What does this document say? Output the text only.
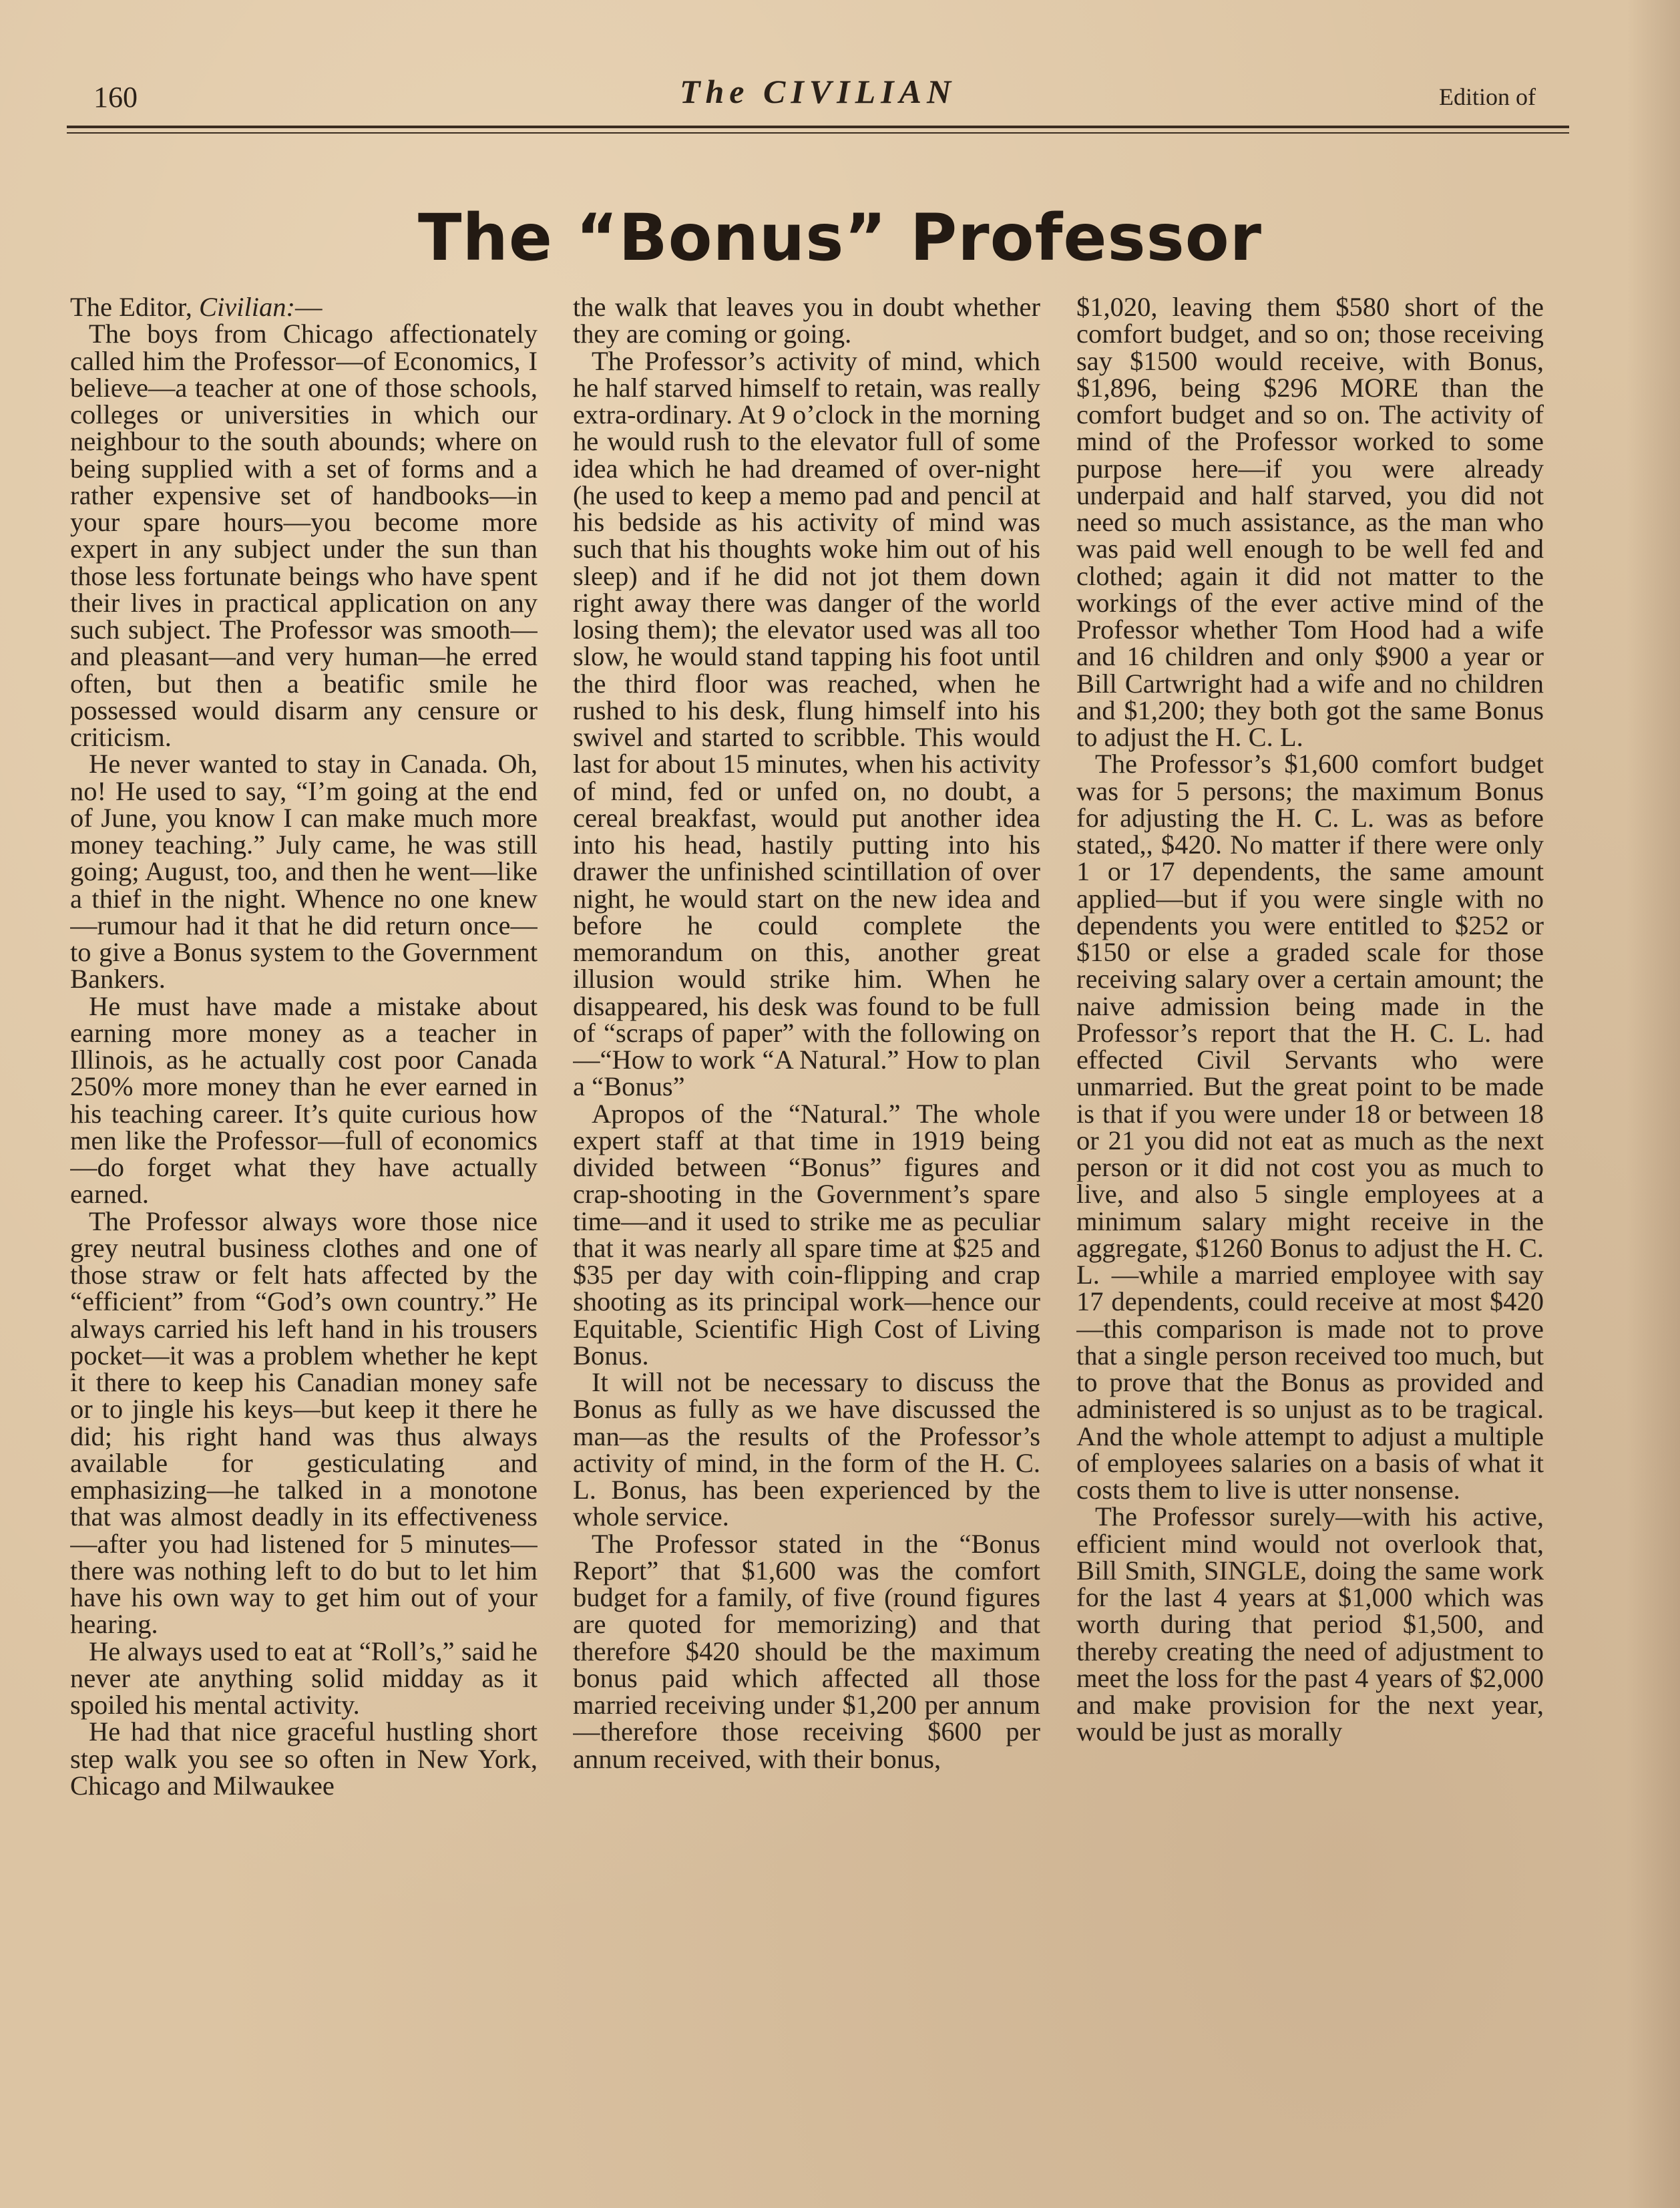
160	The CIVILIAN	Edition of
The “Bonus” Professor

The Editor, Civilian:—

The boys from Chicago affectionately called him the Professor—of Economics, I believe—a teacher at one of those schools, colleges or universities in which our neighbour to the south abounds; where on being supplied with a set of forms and a rather expensive set of handbooks—in your spare hours—you become more expert in any subject under the sun than those less fortunate beings who have spent their lives in practical application on any such subject. The Professor was smooth—and pleasant—and very human—he erred often, but then a beatific smile he possessed would disarm any censure or criticism.

He never wanted to stay in Canada. Oh, no! He used to say, “I’m going at the end of June, you know I can make much more money teaching.” July came, he was still going; August, too, and then he went—like a thief in the night. Whence no one knew—rumour had it that he did return once—to give a Bonus system to the Government Bankers.

He must have made a mistake about earning more money as a teacher in Illinois, as he actually cost poor Canada 250% more money than he ever earned in his teaching career. It’s quite curious how men like the Professor—full of economics—do forget what they have actually earned.

The Professor always wore those nice grey neutral business clothes and one of those straw or felt hats affected by the “efficient” from “God’s own country.” He always carried his left hand in his trousers pocket—it was a problem whether he kept it there to keep his Canadian money safe or to jingle his keys—but keep it there he did; his right hand was thus always available for gesticulating and emphasizing—he talked in a monotone that was almost deadly in its effectiveness—after you had listened for 5 minutes—there was nothing left to do but to let him have his own way to get him out of your hearing.

He always used to eat at “Roll’s,” said he never ate anything solid midday as it spoiled his mental activity.

He had that nice graceful hustling short step walk you see so often in New York, Chicago and Milwaukee

the walk that leaves you in doubt whether they are coming or going.

The Professor’s activity of mind, which he half starved himself to retain, was really extra-ordinary. At 9 o’clock in the morning he would rush to the elevator full of some idea which he had dreamed of over-night (he used to keep a memo pad and pencil at his bedside as his activity of mind was such that his thoughts woke him out of his sleep) and if he did not jot them down right away there was danger of the world losing them); the elevator used was all too slow, he would stand tapping his foot until the third floor was reached, when he rushed to his desk, flung himself into his swivel and started to scribble. This would last for about 15 minutes, when his activity of mind, fed or unfed on, no doubt, a cereal breakfast, would put another idea into his head, hastily putting into his drawer the unfinished scintillation of over night, he would start on the new idea and before he could complete the memorandum on this, another great illusion would strike him. When he disappeared, his desk was found to be full of “scraps of paper” with the following on—“How to work “A Natural.” How to plan a “Bonus”

Apropos of the “Natural.” The whole expert staff at that time in 1919 being divided between “Bonus” figures and crap-shooting in the Government’s spare time—and it used to strike me as peculiar that it was nearly all spare time at $25 and $35 per day with coin-flipping and crap shooting as its principal work—hence our Equitable, Scientific High Cost of Living Bonus.

It will not be necessary to discuss the Bonus as fully as we have discussed the man—as the results of the Professor’s activity of mind, in the form of the H. C. L. Bonus, has been experienced by the whole service.

The Professor stated in the “Bonus Report” that $1,600 was the comfort budget for a family, of five (round figures are quoted for memorizing) and that therefore $420 should be the maximum bonus paid which affected all those married receiving under $1,200 per annum—therefore those receiving $600 per annum received, with their bonus,

$1,020, leaving them $580 short of the comfort budget, and so on; those receiving say $1500 would receive, with Bonus, $1,896, being $296 MORE than the comfort budget and so on. The activity of mind of the Professor worked to some purpose here—if you were already underpaid and half starved, you did not need so much assistance, as the man who was paid well enough to be well fed and clothed; again it did not matter to the workings of the ever active mind of the Professor whether Tom Hood had a wife and 16 children and only $900 a year or Bill Cartwright had a wife and no children and $1,200; they both got the same Bonus to adjust the H. C. L.

The Professor’s $1,600 comfort budget was for 5 persons; the maximum Bonus for adjusting the H. C. L. was as before stated,, $420. No matter if there were only 1 or 17 dependents, the same amount applied—but if you were single with no dependents you were entitled to $252 or $150 or else a graded scale for those receiving salary over a certain amount; the naive admission being made in the Professor’s report that the H. C. L. had effected Civil Servants who were unmarried. But the great point to be made is that if you were under 18 or between 18 or 21 you did not eat as much as the next person or it did not cost you as much to live, and also 5 single employees at a minimum salary might receive in the aggregate, $1260 Bonus to adjust the H. C. L. —while a married employee with say 17 dependents, could receive at most $420—this comparison is made not to prove that a single person received too much, but to prove that the Bonus as provided and administered is so unjust as to be tragical. And the whole attempt to adjust a multiple of employees salaries on a basis of what it costs them to live is utter nonsense.

The Professor surely—with his active, efficient mind would not overlook that, Bill Smith, SINGLE, doing the same work for the last 4 years at $1,000 which was worth during that period $1,500, and thereby creating the need of adjustment to meet the loss for the past 4 years of $2,000 and make provision for the next year, would be just as morally
